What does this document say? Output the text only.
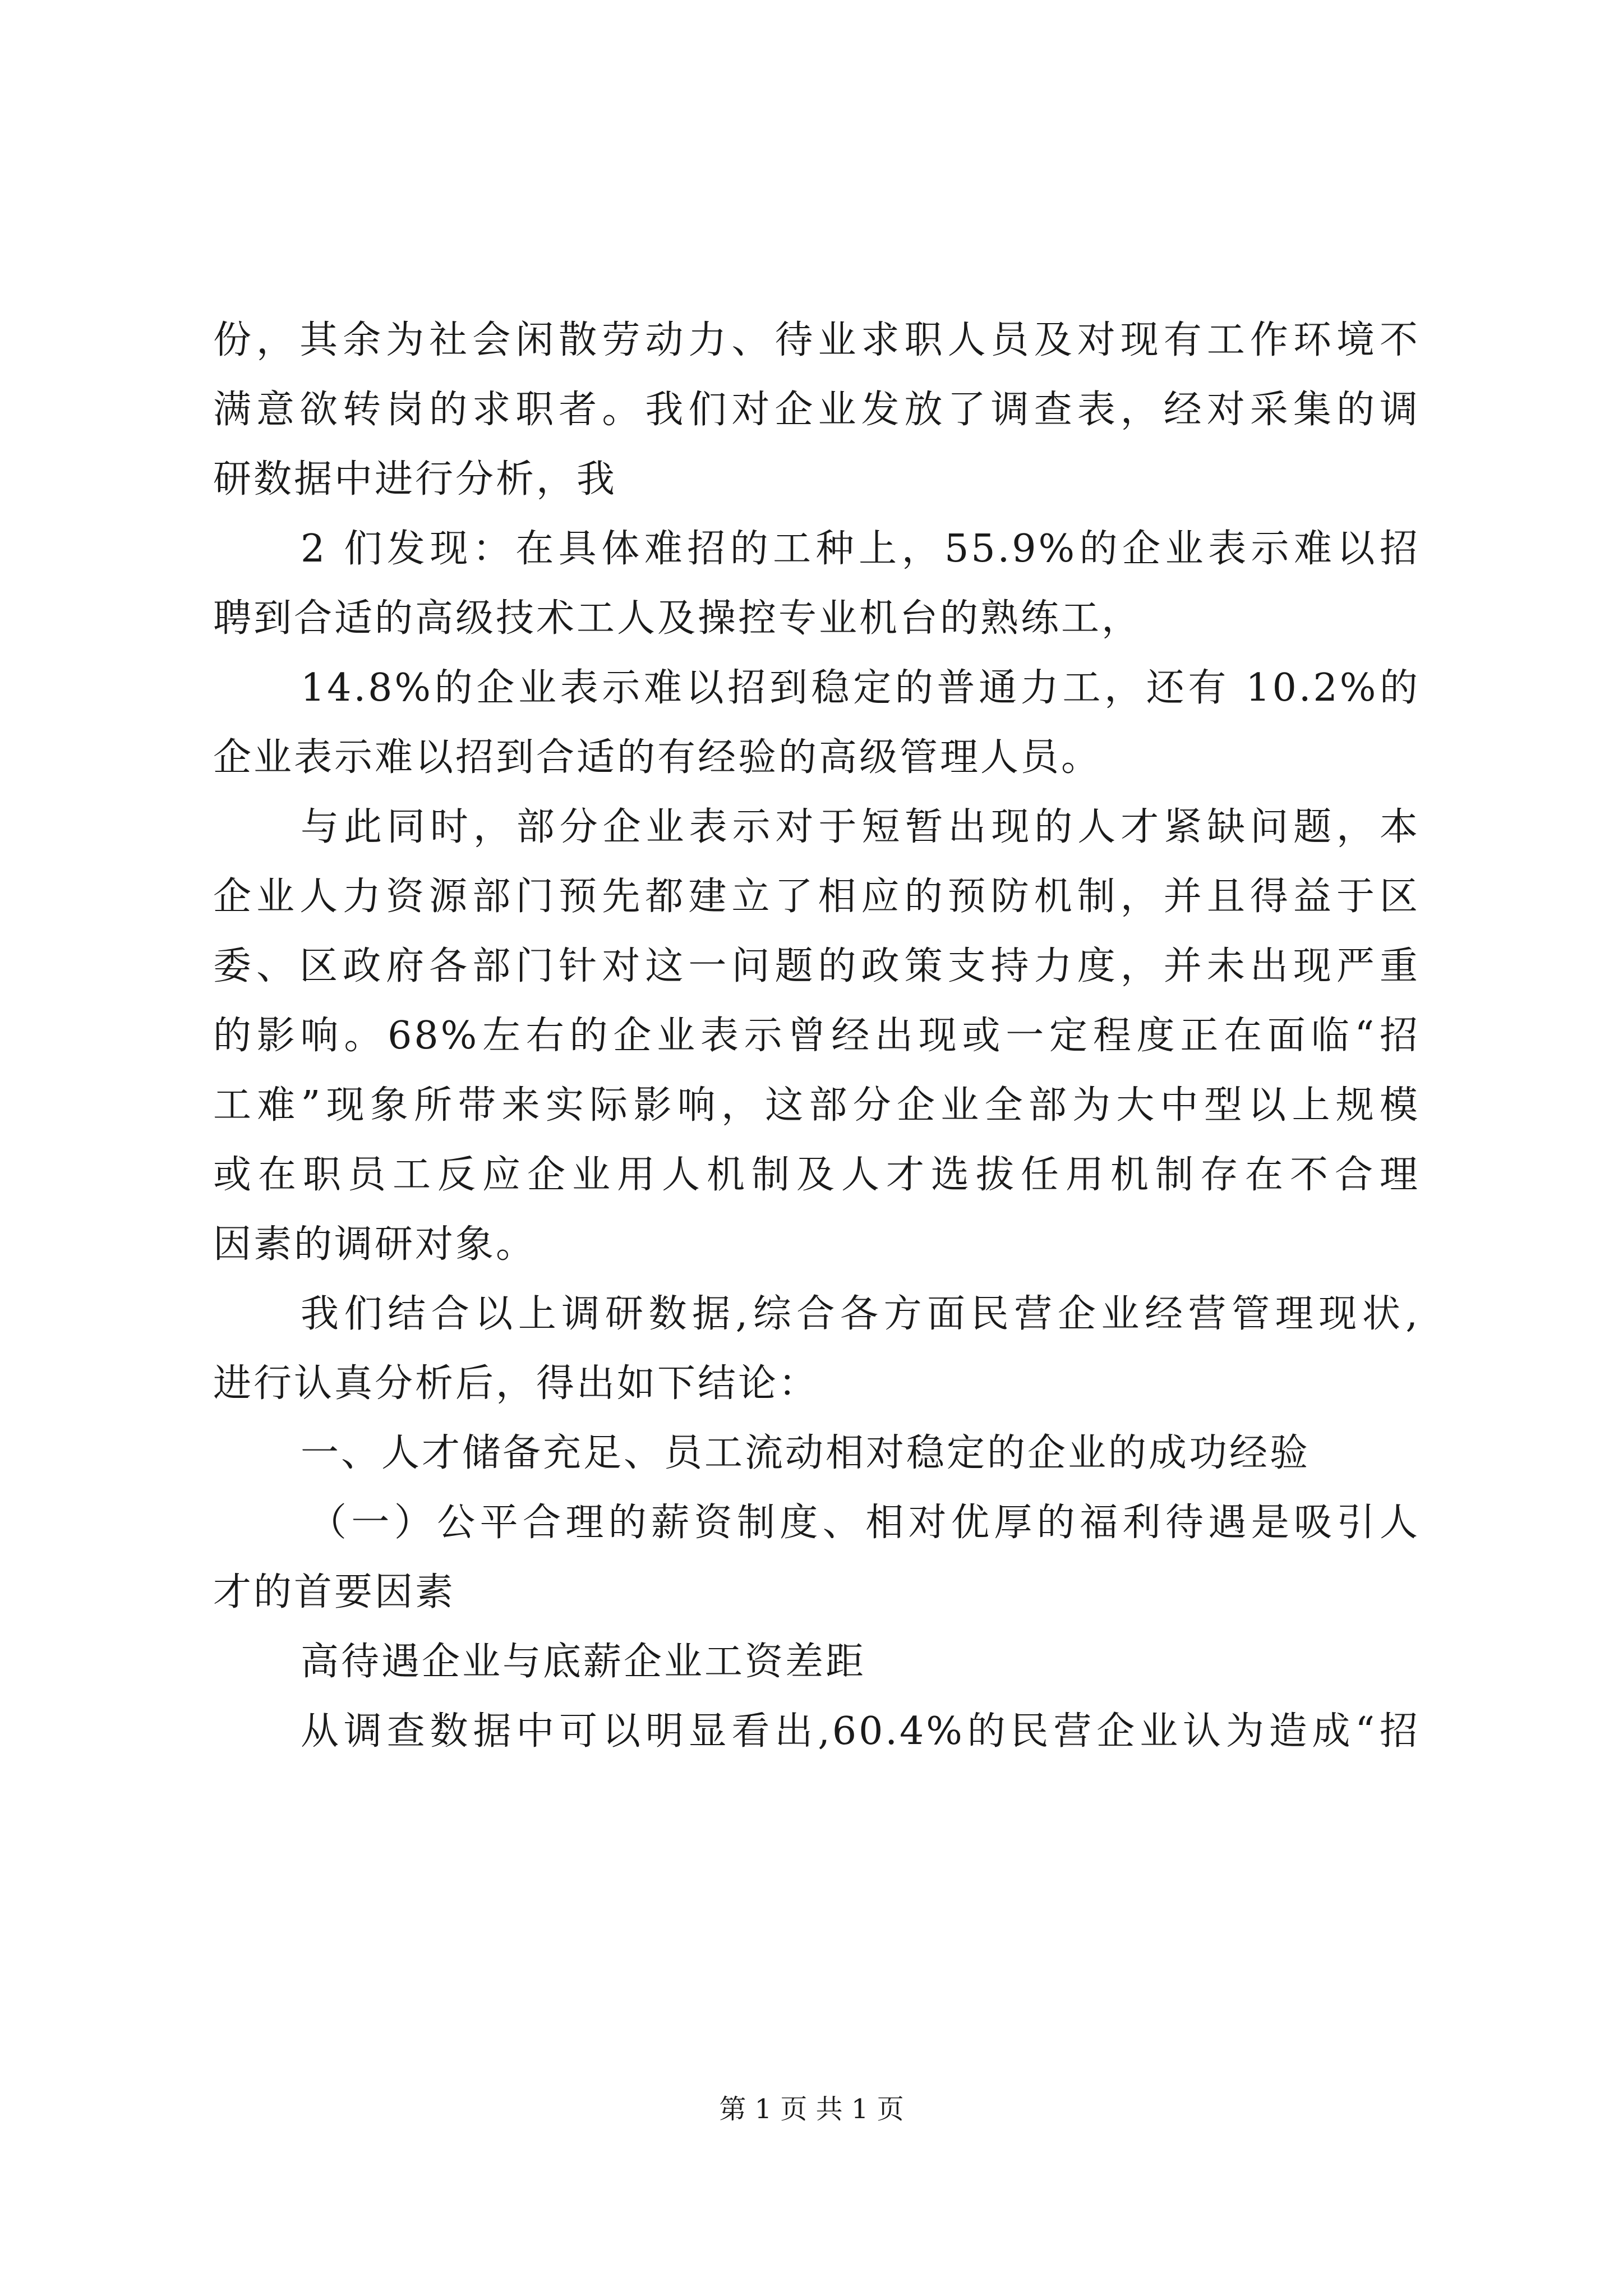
份，其余为社会闲散劳动力、待业求职人员及对现有工作环境不
满意欲转岗的求职者。我们对企业发放了调查表，经对采集的调
研数据中进行分析，我
2 们发现：在具体难招的工种上，55.9%的企业表示难以招
聘到合适的高级技术工人及操控专业机台的熟练工，
14.8%的企业表示难以招到稳定的普通力工，还有 10.2%的
企业表示难以招到合适的有经验的高级管理人员。
与此同时，部分企业表示对于短暂出现的人才紧缺问题，本
企业人力资源部门预先都建立了相应的预防机制，并且得益于区
委、区政府各部门针对这一问题的政策支持力度，并未出现严重
的影响。68%左右的企业表示曾经出现或一定程度正在面临“招
工难”现象所带来实际影响，这部分企业全部为大中型以上规模
或在职员工反应企业用人机制及人才选拔任用机制存在不合理
因素的调研对象。
我们结合以上调研数据,综合各方面民营企业经营管理现状,
进行认真分析后，得出如下结论：
一、人才储备充足、员工流动相对稳定的企业的成功经验
（一）公平合理的薪资制度、相对优厚的福利待遇是吸引人
才的首要因素
高待遇企业与底薪企业工资差距
从调查数据中可以明显看出,60.4%的民营企业认为造成“招
第 1 页 共 1 页
